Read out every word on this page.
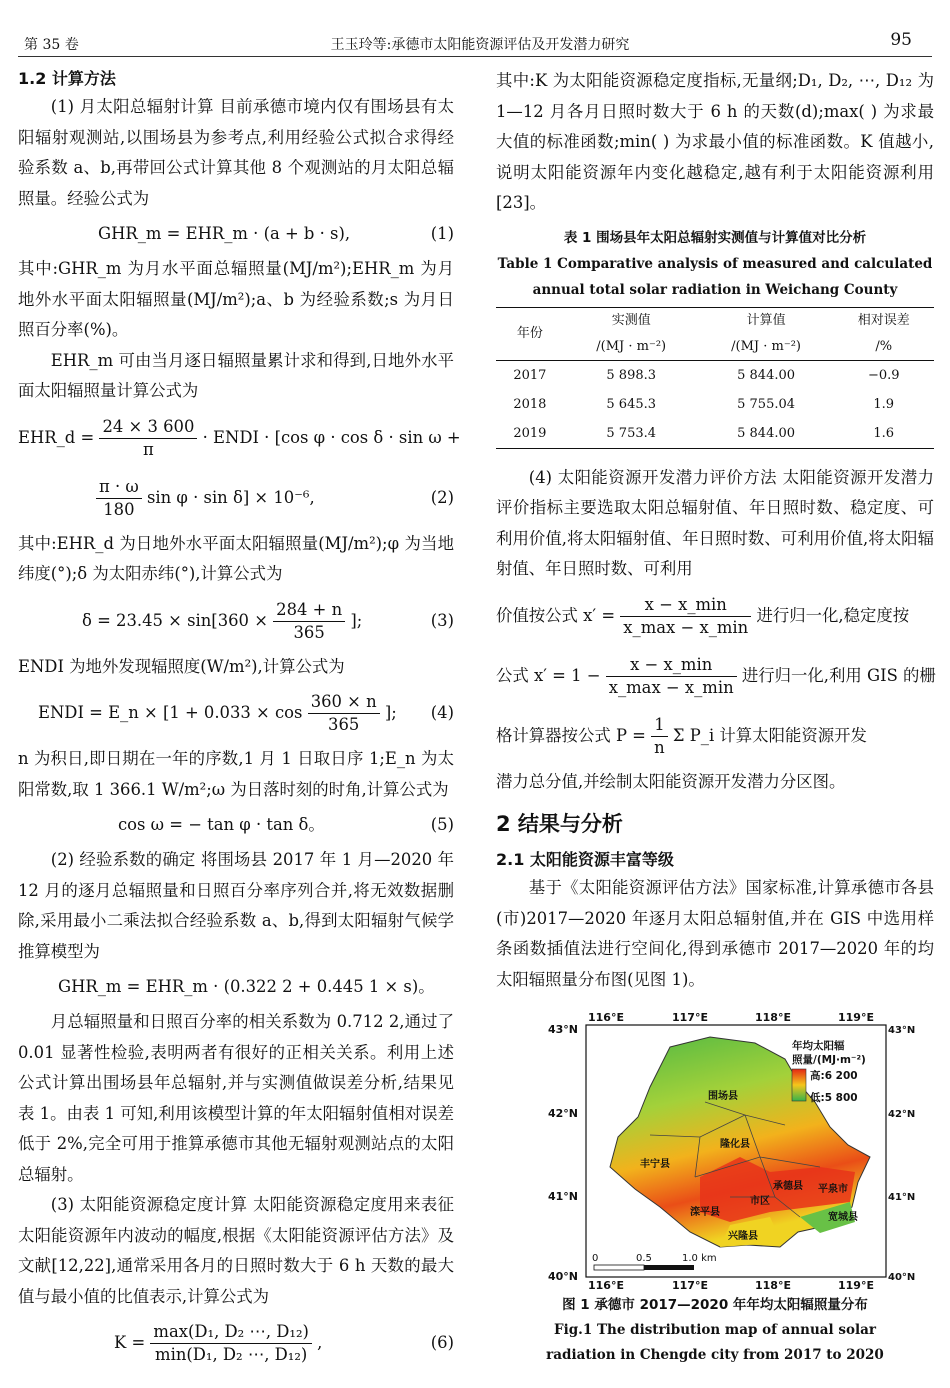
第 35 卷	王玉玲等:承德市太阳能资源评估及开发潜力研究	95
1.2 计算方法

(1) 月太阳总辐射计算 目前承德市境内仅有围场县有太阳辐射观测站,以围场县为参考点,利用经验公式拟合求得经验系数 a、b,再带回公式计算其他 8 个观测站的月太阳总辐照量。经验公式为

GHR_m = EHR_m · (a + b · s),	(1)

其中:GHR_m 为月水平面总辐照量(MJ/m²);EHR_m 为月地外水平面太阳辐照量(MJ/m²);a、b 为经验系数;s 为月日照百分率(%)。

EHR_m 可由当月逐日辐照量累计求和得到,日地外水平面太阳辐照量计算公式为

EHR_d = $\frac{24 \times 3 600}{\pi}$ · ENDI · [cos φ · cos δ · sin ω +
$\frac{\pi \cdot \omega}{180}$ sin φ · sin δ] × 10⁻⁶,	(2)

其中:EHR_d 为日地外水平面太阳辐照量(MJ/m²);φ 为当地纬度(°);δ 为太阳赤纬(°),计算公式为

$\delta = 23.45 \times \sin[360 \times \frac{284 + n}{365}$ ];	(3)

ENDI 为地外发现辐照度(W/m²),计算公式为

ENDI = E_n × [$1 + 0.033 \times \cos \frac{360 \times n}{365}$ ]; (4)

n 为积日,即日期在一年的序数,1 月 1 日取日序 1;E_n 为太阳常数,取 1 366.1 W/m²;ω 为日落时刻的时角,计算公式为

cos ω = − tan φ · tan δ。	(5)

(2) 经验系数的确定 将围场县 2017 年 1 月—2020 年 12 月的逐月总辐照量和日照百分率序列合并,将无效数据删除,采用最小二乘法拟合经验系数 a、b,得到太阳辐射气候学推算模型为

GHR_m = EHR_m · (0.322 2 + 0.445 1 × s)。

月总辐照量和日照百分率的相关系数为 0.712 2,通过了 0.01 显著性检验,表明两者有很好的正相关关系。利用上述公式计算出围场县年总辐射,并与实测值做误差分析,结果见表 1。由表 1 可知,利用该模型计算的年太阳辐射值相对误差低于 2%,完全可用于推算承德市其他无辐射观测站点的太阳总辐射。

(3) 太阳能资源稳定度计算 太阳能资源稳定度用来表征太阳能资源年内波动的幅度,根据《太阳能资源评估方法》及文献[12,22],通常采用各月的日照时数大于 6 h 天数的最大值与最小值的比值表示,计算公式为

$K = \frac{\text{max(D₁, D₂ ⋯, D₁₂)}}{\text{min(D₁, D₂ ⋯, D₁₂)}}$ ,	(6)

其中:K 为太阳能资源稳定度指标,无量纲;D₁, D₂, ⋯, D₁₂ 为 1—12 月各月日照时数大于 6 h 的天数(d);max( ) 为求最大值的标准函数;min( ) 为求最小值的标准函数。K 值越小,说明太阳能资源年内变化越稳定,越有利于太阳能资源利用[23]。

表 1 围场县年太阳总辐射实测值与计算值对比分析
Table 1 Comparative analysis of measured and calculated annual total solar radiation in Weichang County
年份	实测值	计算值	相对误差
	/(MJ · m⁻²)	/(MJ · m⁻²)	/%
2017	5 898.3	5 844.00	−0.9
2018	5 645.3	5 755.04	1.9
2019	5 753.4	5 844.00	1.6

(4) 太阳能资源开发潜力评价方法 太阳能资源开发潜力评价指标主要选取太阳总辐射值、年日照时数、稳定度、可利用价值,将太阳辐射值、年日照时数、可利用价值,将太阳辐射值、年日照时数、可利用

价值按公式 $x' = \frac{x - x\_\min}{x\_\max - x\_\min}$ 进行归一化,稳定度按
公式 $x' = 1 - \frac{x - x\_\min}{x\_\max - x\_\min}$ 进行归一化,利用 GIS 的栅
格计算器按公式 $P = \frac{1}{n}$ Σ P_i 计算太阳能资源开发

潜力总分值,并绘制太阳能资源开发潜力分区图。

2 结果与分析
2.1 太阳能资源丰富等级

基于《太阳能资源评估方法》国家标准,计算承德市各县(市)2017—2020 年逐月太阳总辐射值,并在 GIS 中选用样条函数插值法进行空间化,得到承德市 2017—2020 年的均太阳辐照量分布图(见图 1)。

围场县
隆化县
丰宁县
滦平县
承德县 平泉市
市区
兴隆县
宽城县
116°E	117°E	118°E	119°E
116°E	117°E	118°E	119°E
43°N
42°N
41°N
40°N
43°N
42°N
41°N
40°N
年均太阳辐
照量/(MJ·m⁻²)
高:6 200
低:5 800
0	0.5	1.0 km
图 1 承德市 2017—2020 年年均太阳辐照量分布
Fig.1 The distribution map of annual solar radiation in Chengde city from 2017 to 2020
